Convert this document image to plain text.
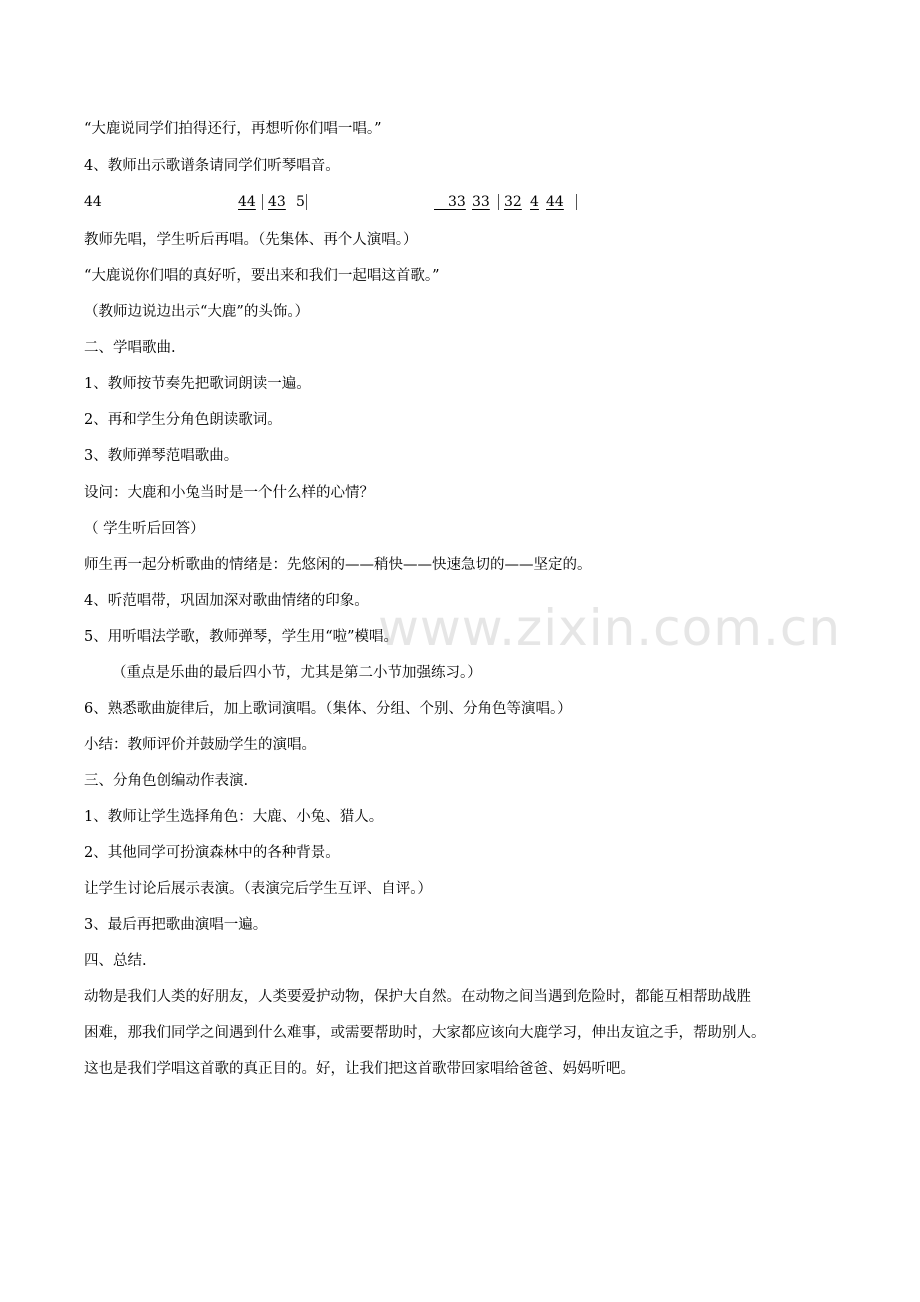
www.zixin.com.cn
“大鹿说同学们拍得还行，再想听你们唱一唱。”
4、教师出示歌谱条请同学们听琴唱音。
44	44 43 5
 	33 33 32 4 44
教师先唱，学生听后再唱。（先集体、再个人演唱。）
“大鹿说你们唱的真好听，要出来和我们一起唱这首歌。”
（教师边说边出示“大鹿”的头饰。）
二、学唱歌曲.
1、教师按节奏先把歌词朗读一遍。
2、再和学生分角色朗读歌词。
3、教师弹琴范唱歌曲。
设问：大鹿和小兔当时是一个什么样的心情？
（ 学生听后回答）
师生再一起分析歌曲的情绪是：先悠闲的——稍快——快速急切的——坚定的。
4、听范唱带，巩固加深对歌曲情绪的印象。
5、用听唱法学歌，教师弹琴，学生用“啦”模唱。
（重点是乐曲的最后四小节，尤其是第二小节加强练习。）
6、熟悉歌曲旋律后，加上歌词演唱。（集体、分组、个别、分角色等演唱。）
小结：教师评价并鼓励学生的演唱。
三、分角色创编动作表演.
1、教师让学生选择角色：大鹿、小兔、猎人。
2、其他同学可扮演森林中的各种背景。
让学生讨论后展示表演。（表演完后学生互评、自评。）
3、最后再把歌曲演唱一遍。
四、总结.
动物是我们人类的好朋友，人类要爱护动物，保护大自然。在动物之间当遇到危险时，都能互相帮助战胜
困难，那我们同学之间遇到什么难事，或需要帮助时，大家都应该向大鹿学习，伸出友谊之手，帮助别人。
这也是我们学唱这首歌的真正目的。好，让我们把这首歌带回家唱给爸爸、妈妈听吧。
